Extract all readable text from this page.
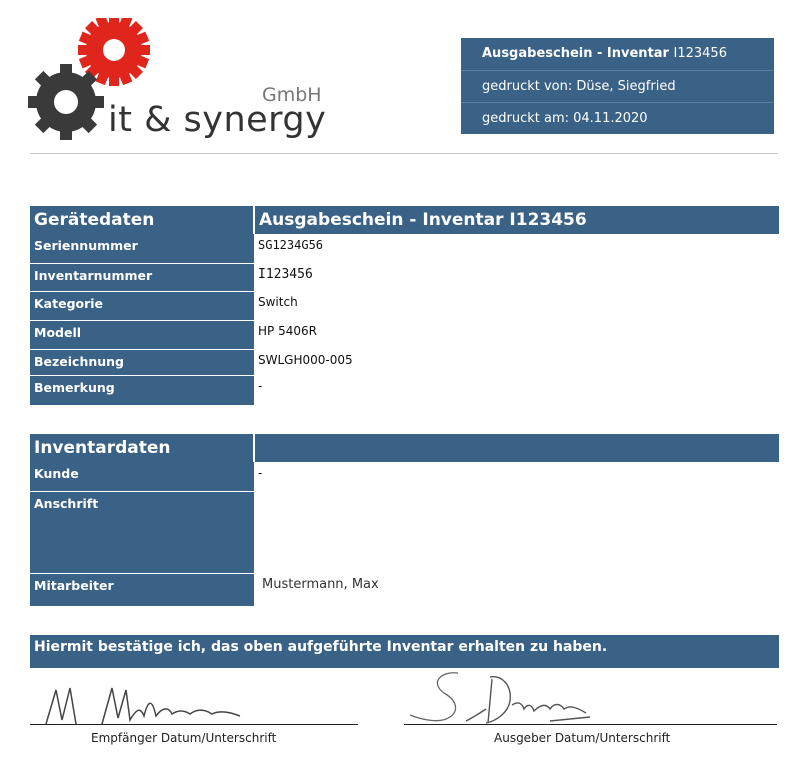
GmbH
it & synergy
Ausgabeschein - Inventar I123456
gedruckt von: Düse, Siegfried
gedruckt am: 04.11.2020
Gerätedaten	Ausgabeschein - Inventar I123456
Seriennummer	SG1234G56
Inventarnummer	I123456
Kategorie	Switch
Modell	HP 5406R
Bezeichnung	SWLGH000-005
Bemerkung	-
Inventardaten	
Kunde	-
Anschrift	
Mitarbeiter	Mustermann, Max
Hiermit bestätige ich, das oben aufgeführte Inventar erhalten zu haben.
Empfänger Datum/Unterschrift	Ausgeber Datum/Unterschrift
